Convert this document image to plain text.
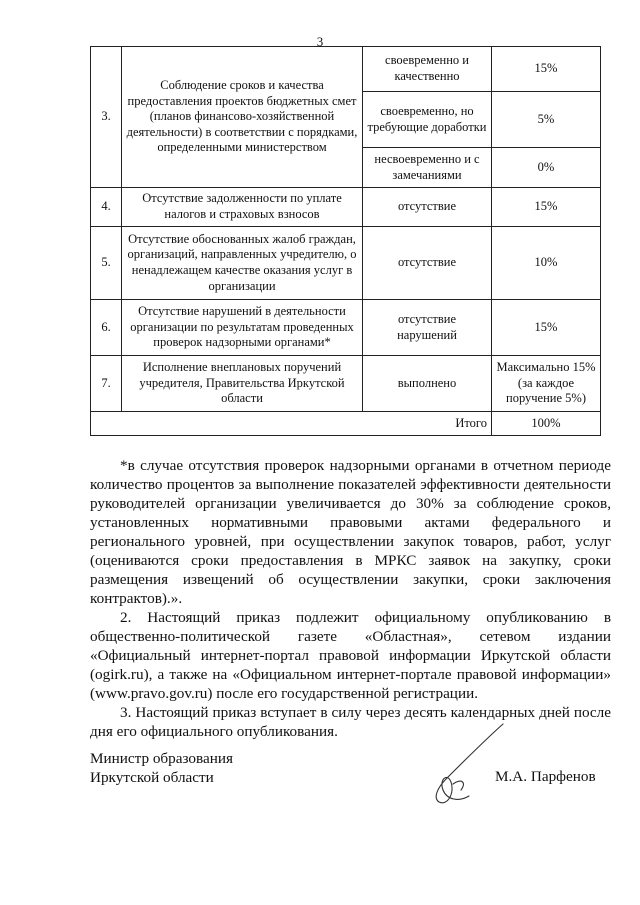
3
3.	Соблюдение сроков и качества предоставления проектов бюджетных смет (планов финансово-хозяйственной деятельности) в соответствии с порядками, определенными министерством	своевременно и качественно	15%
		своевременно, но требующие доработки	5%
		несвоевременно и с замечаниями	0%
4.	Отсутствие задолженности по уплате налогов и страховых взносов	отсутствие	15%
5.	Отсутствие обоснованных жалоб граждан, организаций, направленных учредителю, о ненадлежащем качестве оказания услуг в организации	отсутствие	10%
6.	Отсутствие нарушений в деятельности организации по результатам проведенных проверок надзорными органами*	отсутствие нарушений	15%
7.	Исполнение внеплановых поручений учредителя, Правительства Иркутской области	выполнено	Максимально 15% (за каждое поручение 5%)
Итого			100%

*в случае отсутствия проверок надзорными органами в отчетном периоде количество процентов за выполнение показателей эффективности деятельности руководителей организации увеличивается до 30% за соблюдение сроков, установленных нормативными правовыми актами федерального и регионального уровней, при осуществлении закупок товаров, работ, услуг (оцениваются сроки предоставления в МРКС заявок на закупку, сроки размещения извещений об осуществлении закупки, сроки заключения контрактов).».

2. Настоящий приказ подлежит официальному опубликованию в общественно-политической газете «Областная», сетевом издании «Официальный интернет-портал правовой информации Иркутской области (ogirk.ru), а также на «Официальном интернет-портале правовой информации» (www.pravo.gov.ru) после его государственной регистрации.

3. Настоящий приказ вступает в силу через десять календарных дней после дня его официального опубликования.

Министр образования
Иркутской области	М.А. Парфенов
